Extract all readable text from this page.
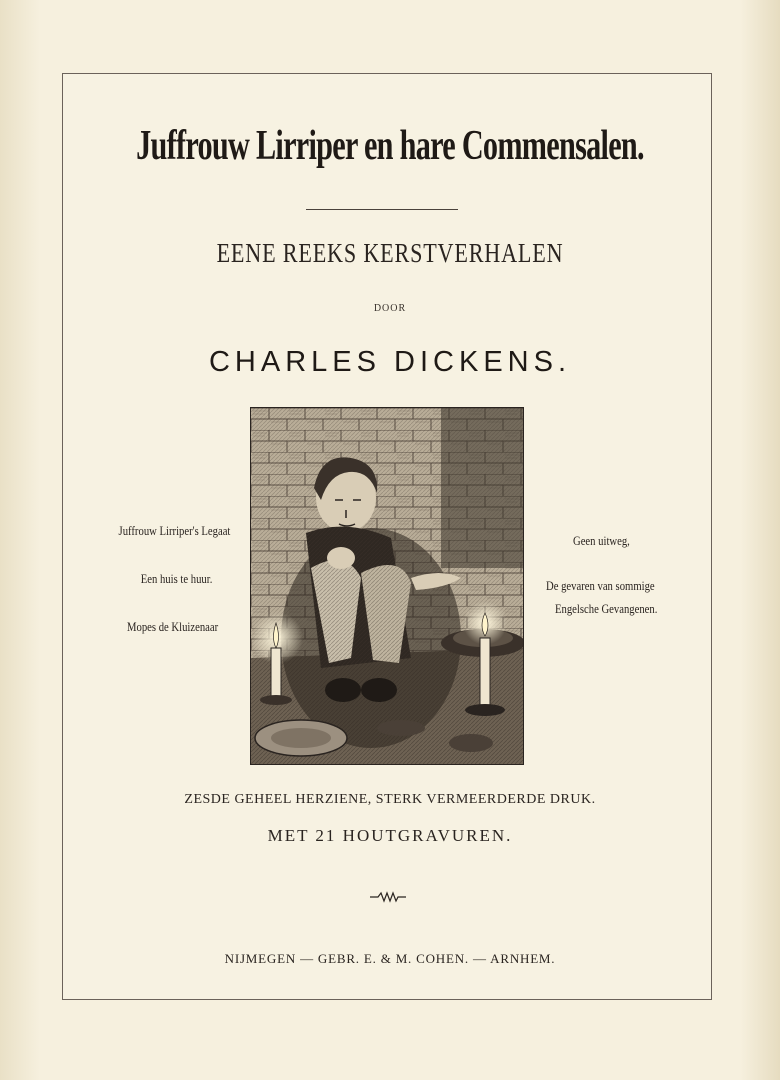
Juffrouw Lirriper en hare Commensalen.
EENE REEKS KERSTVERHALEN
DOOR
CHARLES DICKENS.
Juffrouw Lirriper's Legaat
Een huis te huur.
Mopes de Kluizenaar
Geen uitweg,
De gevaren van sommige
Engelsche Gevangenen.
ZESDE GEHEEL HERZIENE, STERK VERMEERDERDE DRUK.
MET 21 HOUTGRAVUREN.
NIJMEGEN — GEBR. E. & M. COHEN. — ARNHEM.
